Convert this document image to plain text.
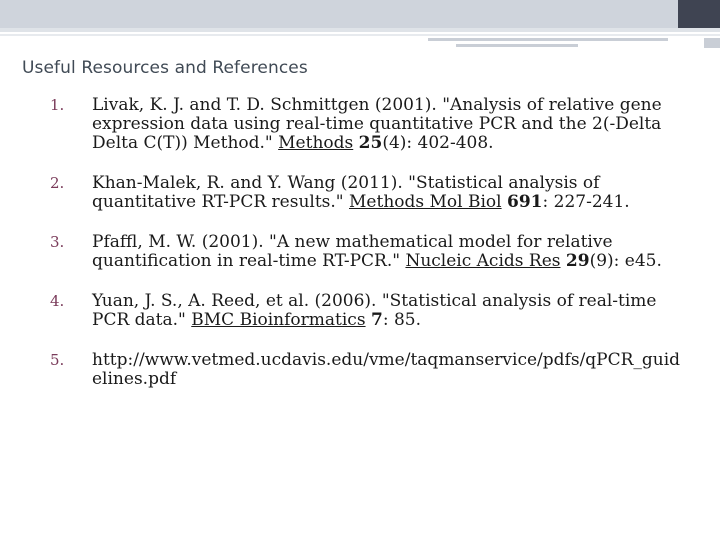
Useful Resources and References
1.	Livak, K. J. and T. D. Schmittgen (2001). "Analysis of relative gene expression data using real-time quantitative PCR and the 2(-Delta Delta C(T)) Method." Methods 25(4): 402-408.
2.	Khan-Malek, R. and Y. Wang (2011). "Statistical analysis of quantitative RT-PCR results." Methods Mol Biol 691: 227-241.
3.	Pfaffl, M. W. (2001). "A new mathematical model for relative quantification in real-time RT-PCR." Nucleic Acids Res 29(9): e45.
4.	Yuan, J. S., A. Reed, et al. (2006). "Statistical analysis of real-time PCR data." BMC Bioinformatics 7: 85.
5.	http://www.vetmed.ucdavis.edu/vme/taqmanservice/pdfs/qPCR_guidelines.pdf
